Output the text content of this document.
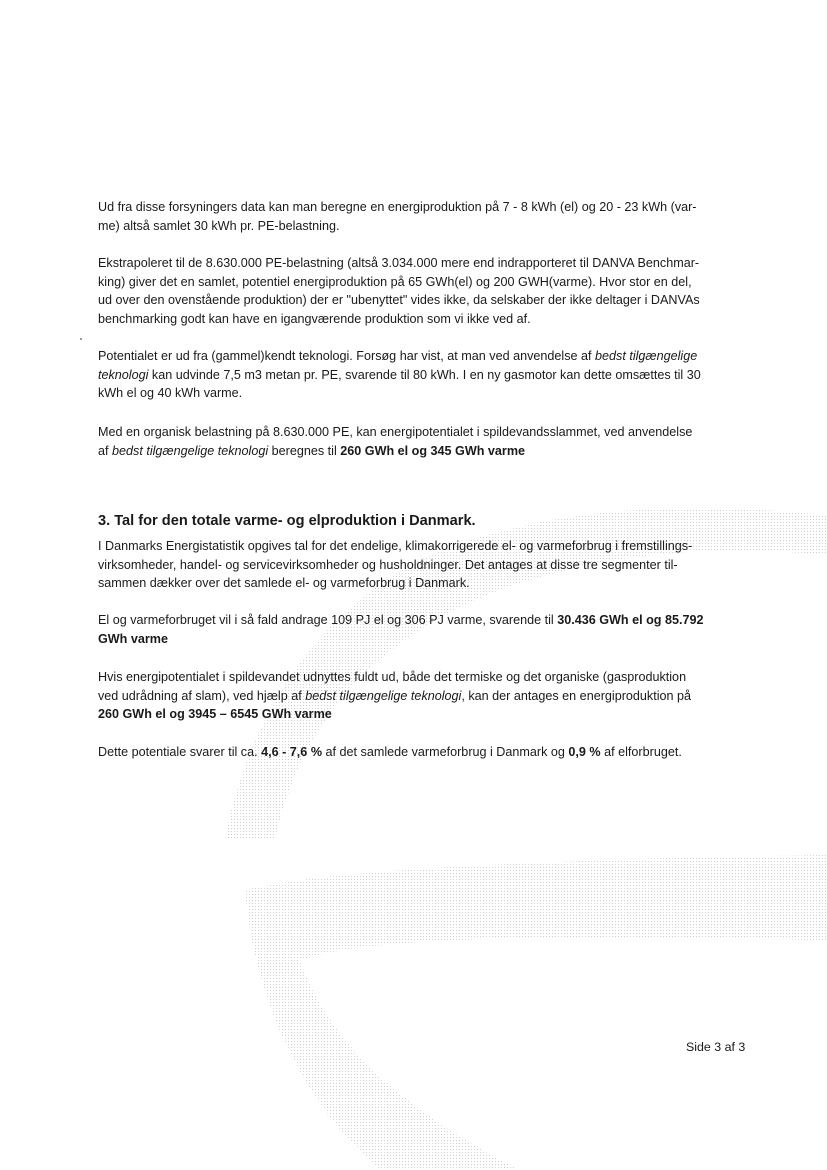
Ud fra disse forsyningers data kan man beregne en energiproduktion på 7 - 8 kWh (el) og 20 - 23 kWh (var-
me) altså samlet 30 kWh pr. PE-belastning.

Ekstrapoleret til de 8.630.000 PE-belastning (altså 3.034.000 mere end indrapporteret til DANVA Benchmar-
king) giver det en samlet, potentiel energiproduktion på 65 GWh(el) og 200 GWH(varme). Hvor stor en del,
ud over den ovenstående produktion) der er "ubenyttet" vides ikke, da selskaber der ikke deltager i DANVAs
benchmarking godt kan have en igangværende produktion som vi ikke ved af.

Potentialet er ud fra (gammel)kendt teknologi. Forsøg har vist, at man ved anvendelse af bedst tilgængelige
teknologi kan udvinde 7,5 m3 metan pr. PE, svarende til 80 kWh. I en ny gasmotor kan dette omsættes til 30
kWh el og 40 kWh varme.

Med en organisk belastning på 8.630.000 PE, kan energipotentialet i spildevandsslammet, ved anvendelse
af bedst tilgængelige teknologi beregnes til 260 GWh el og 345 GWh varme

3. Tal for den totale varme- og elproduktion i Danmark.

I Danmarks Energistatistik opgives tal for det endelige, klimakorrigerede el- og varmeforbrug i fremstillings-
virksomheder, handel- og servicevirksomheder og husholdninger. Det antages at disse tre segmenter til-
sammen dækker over det samlede el- og varmeforbrug i Danmark.

El og varmeforbruget vil i så fald andrage 109 PJ el og 306 PJ varme, svarende til 30.436 GWh el og 85.792
GWh varme

Hvis energipotentialet i spildevandet udnyttes fuldt ud, både det termiske og det organiske (gasproduktion
ved udrådning af slam), ved hjælp af bedst tilgængelige teknologi, kan der antages en energiproduktion på
260 GWh el og 3945 – 6545 GWh varme

Dette potentiale svarer til ca. 4,6 - 7,6 % af det samlede varmeforbrug i Danmark og 0,9 % af elforbruget.

Side 3 af 3
